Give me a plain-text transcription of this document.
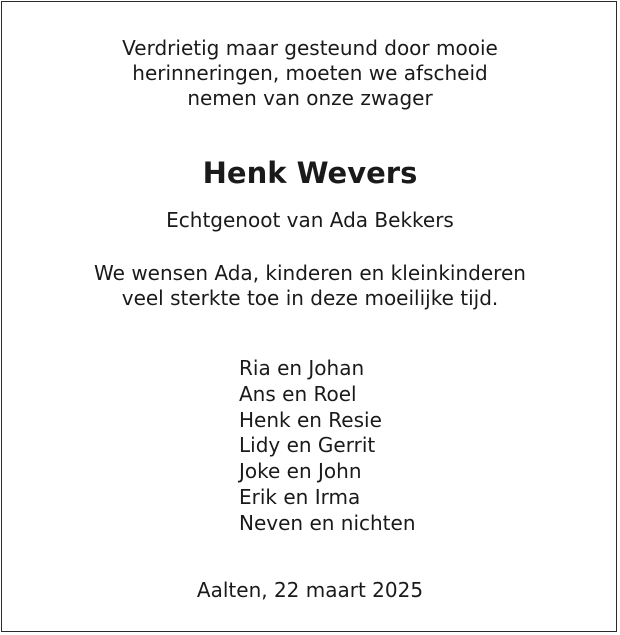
Verdrietig maar gesteund door mooie
herinneringen, moeten we afscheid
nemen van onze zwager
Henk Wevers
Echtgenoot van Ada Bekkers
We wensen Ada, kinderen en kleinkinderen
veel sterkte toe in deze moeilijke tijd.
Ria en Johan
Ans en Roel
Henk en Resie
Lidy en Gerrit
Joke en John
Erik en Irma
Neven en nichten
Aalten, 22 maart 2025
